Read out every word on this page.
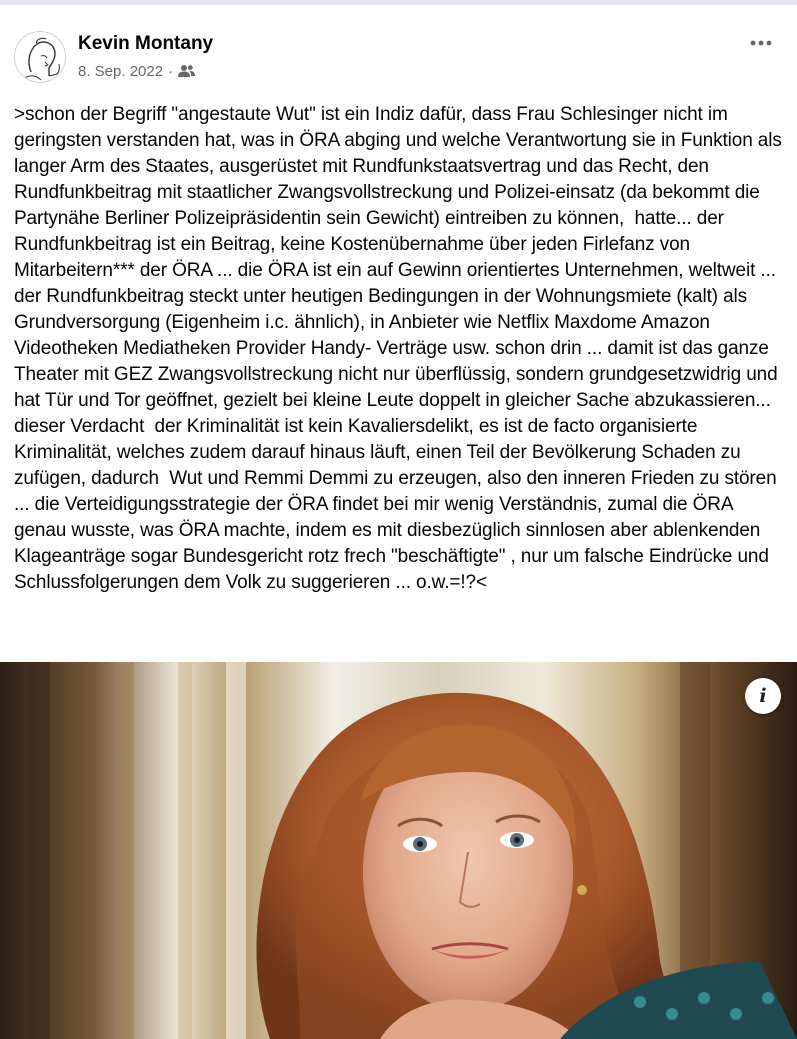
Kevin Montany
8. Sep. 2022 ·
>schon der Begriff "angestaute Wut" ist ein Indiz dafür, dass Frau Schlesinger nicht im geringsten verstanden hat, was in ÖRA abging und welche Verantwortung sie in Funktion als langer Arm des Staates, ausgerüstet mit Rundfunkstaatsvertrag und das Recht, den Rundfunkbeitrag mit staatlicher Zwangsvollstreckung und Polizei-einsatz (da bekommt die Partynähe Berliner Polizeipräsidentin sein Gewicht) eintreiben zu können,  hatte... der Rundfunkbeitrag ist ein Beitrag, keine Kostenübernahme über jeden Firlefanz von Mitarbeitern*** der ÖRA ... die ÖRA ist ein auf Gewinn orientiertes Unternehmen, weltweit ...  der Rundfunkbeitrag steckt unter heutigen Bedingungen in der Wohnungsmiete (kalt) als Grundversorgung (Eigenheim i.c. ähnlich), in Anbieter wie Netflix Maxdome Amazon Videotheken Mediatheken Provider Handy- Verträge usw. schon drin ... damit ist das ganze Theater mit GEZ Zwangsvollstreckung nicht nur überflüssig, sondern grundgesetzwidrig und hat Tür und Tor geöffnet, gezielt bei kleine Leute doppelt in gleicher Sache abzukassieren... dieser Verdacht  der Kriminalität ist kein Kavaliersdelikt, es ist de facto organisierte Kriminalität, welches zudem darauf hinaus läuft, einen Teil der Bevölkerung Schaden zu zufügen, dadurch  Wut und Remmi Demmi zu erzeugen, also den inneren Frieden zu stören ... die Verteidigungsstrategie der ÖRA findet bei mir wenig Verständnis, zumal die ÖRA genau wusste, was ÖRA machte, indem es mit diesbezüglich sinnlosen aber ablenkenden Klageanträge sogar Bundesgericht rotz frech "beschäftigte" , nur um falsche Eindrücke und Schlussfolgerungen dem Volk zu suggerieren ... o.w.=!?<
i
